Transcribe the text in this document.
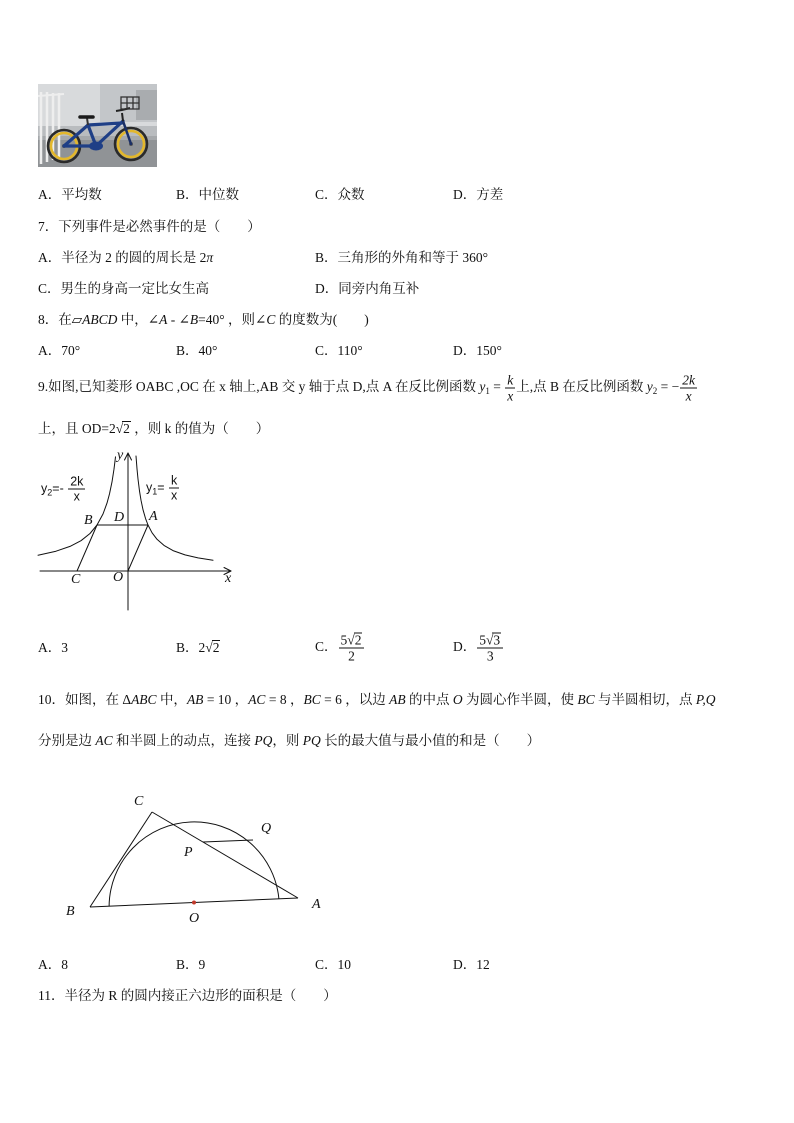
A．平均数	B．中位数	C．众数	D．方差
7．下列事件是必然事件的是（　　）
A．半径为 2 的圆的周长是 2π	B．三角形的外角和等于 360°
C．男生的身高一定比女生高	D．同旁内角互补
8．在▱ABCD 中，∠A - ∠B=40° ，则∠C 的度数为(　　)
A．70°	B．40°	C．110°	D．150°
9.如图,已知菱形 OABC ,OC 在 x 轴上,AB 交 y 轴于点 D,点 A 在反比例函数 $y_1 = \frac{k}{x}$ 上,点 B 在反比例函数 $y_2$ = − $\frac{2k}{x}$
上，且 OD=2√2 ，则 k 的值为（　　）
$y_2=- \frac{2k}{x}$	$y_1= \frac{k}{x}$
y
x
B D A
C O
A．3	B．2√2	C． $\frac{5√2}{2}$	D． $\frac{5√3}{3}$
10．如图，在 ΔABC 中，AB = 10 ，AC = 8 ，BC = 6 ，以边 AB 的中点 O 为圆心作半圆，使 BC 与半圆相切，点 P,Q
分别是边 AC 和半圆上的动点，连接 PQ，则 PQ 长的最大值与最小值的和是（　　）
C
Q
P
B	O
A
A．8	B．9	C．10	D．12
11．半径为 R 的圆内接正六边形的面积是（　　）
